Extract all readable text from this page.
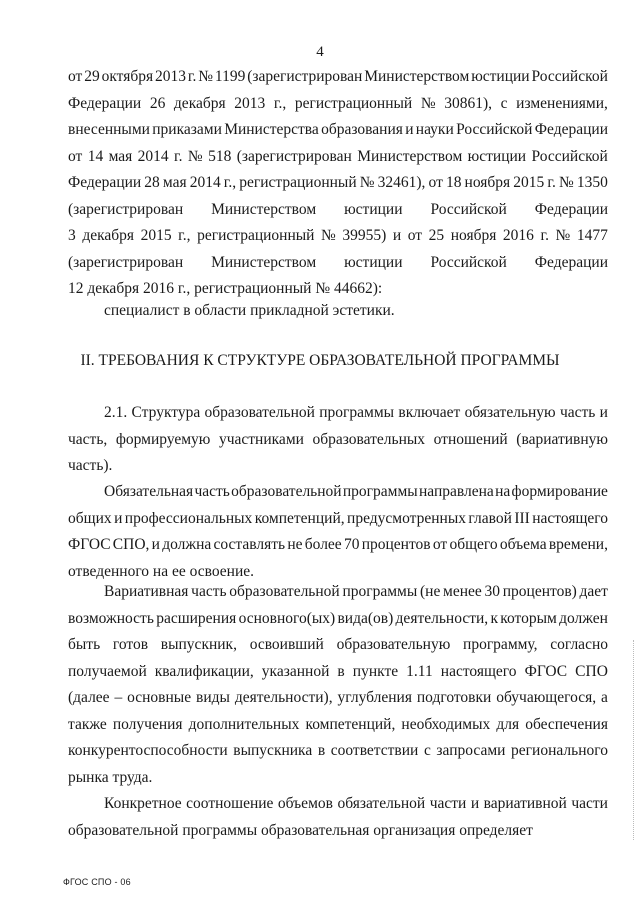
4
от 29 октября 2013 г. № 1199 (зарегистрирован Министерством юстиции Российской
Федерации 26 декабря 2013 г., регистрационный № 30861), с изменениями,
внесенными приказами Министерства образования и науки Российской Федерации
от 14 мая 2014 г. № 518 (зарегистрирован Министерством юстиции Российской
Федерации 28 мая 2014 г., регистрационный № 32461), от 18 ноября 2015 г. № 1350
(зарегистрирован Министерством юстиции Российской Федерации
3 декабря 2015 г., регистрационный № 39955) и от 25 ноября 2016 г. № 1477
(зарегистрирован Министерством юстиции Российской Федерации
12 декабря 2016 г., регистрационный № 44662):
специалист в области прикладной эстетики.
II. ТРЕБОВАНИЯ К СТРУКТУРЕ ОБРАЗОВАТЕЛЬНОЙ ПРОГРАММЫ
2.1. Структура образовательной программы включает обязательную часть и
часть, формируемую участниками образовательных отношений (вариативную
часть).
Обязательная часть образовательной программы направлена на формирование
общих и профессиональных компетенций, предусмотренных главой III настоящего
ФГОС СПО, и должна составлять не более 70 процентов от общего объема времени,
отведенного на ее освоение.
Вариативная часть образовательной программы (не менее 30 процентов) дает
возможность расширения основного(ых) вида(ов) деятельности, к которым должен
быть готов выпускник, освоивший образовательную программу, согласно
получаемой квалификации, указанной в пункте 1.11 настоящего ФГОС СПО
(далее – основные виды деятельности), углубления подготовки обучающегося, а
также получения дополнительных компетенций, необходимых для обеспечения
конкурентоспособности выпускника в соответствии с запросами регионального
рынка труда.
Конкретное соотношение объемов обязательной части и вариативной части
образовательной программы образовательная организация определяет
ФГОС СПО - 06
